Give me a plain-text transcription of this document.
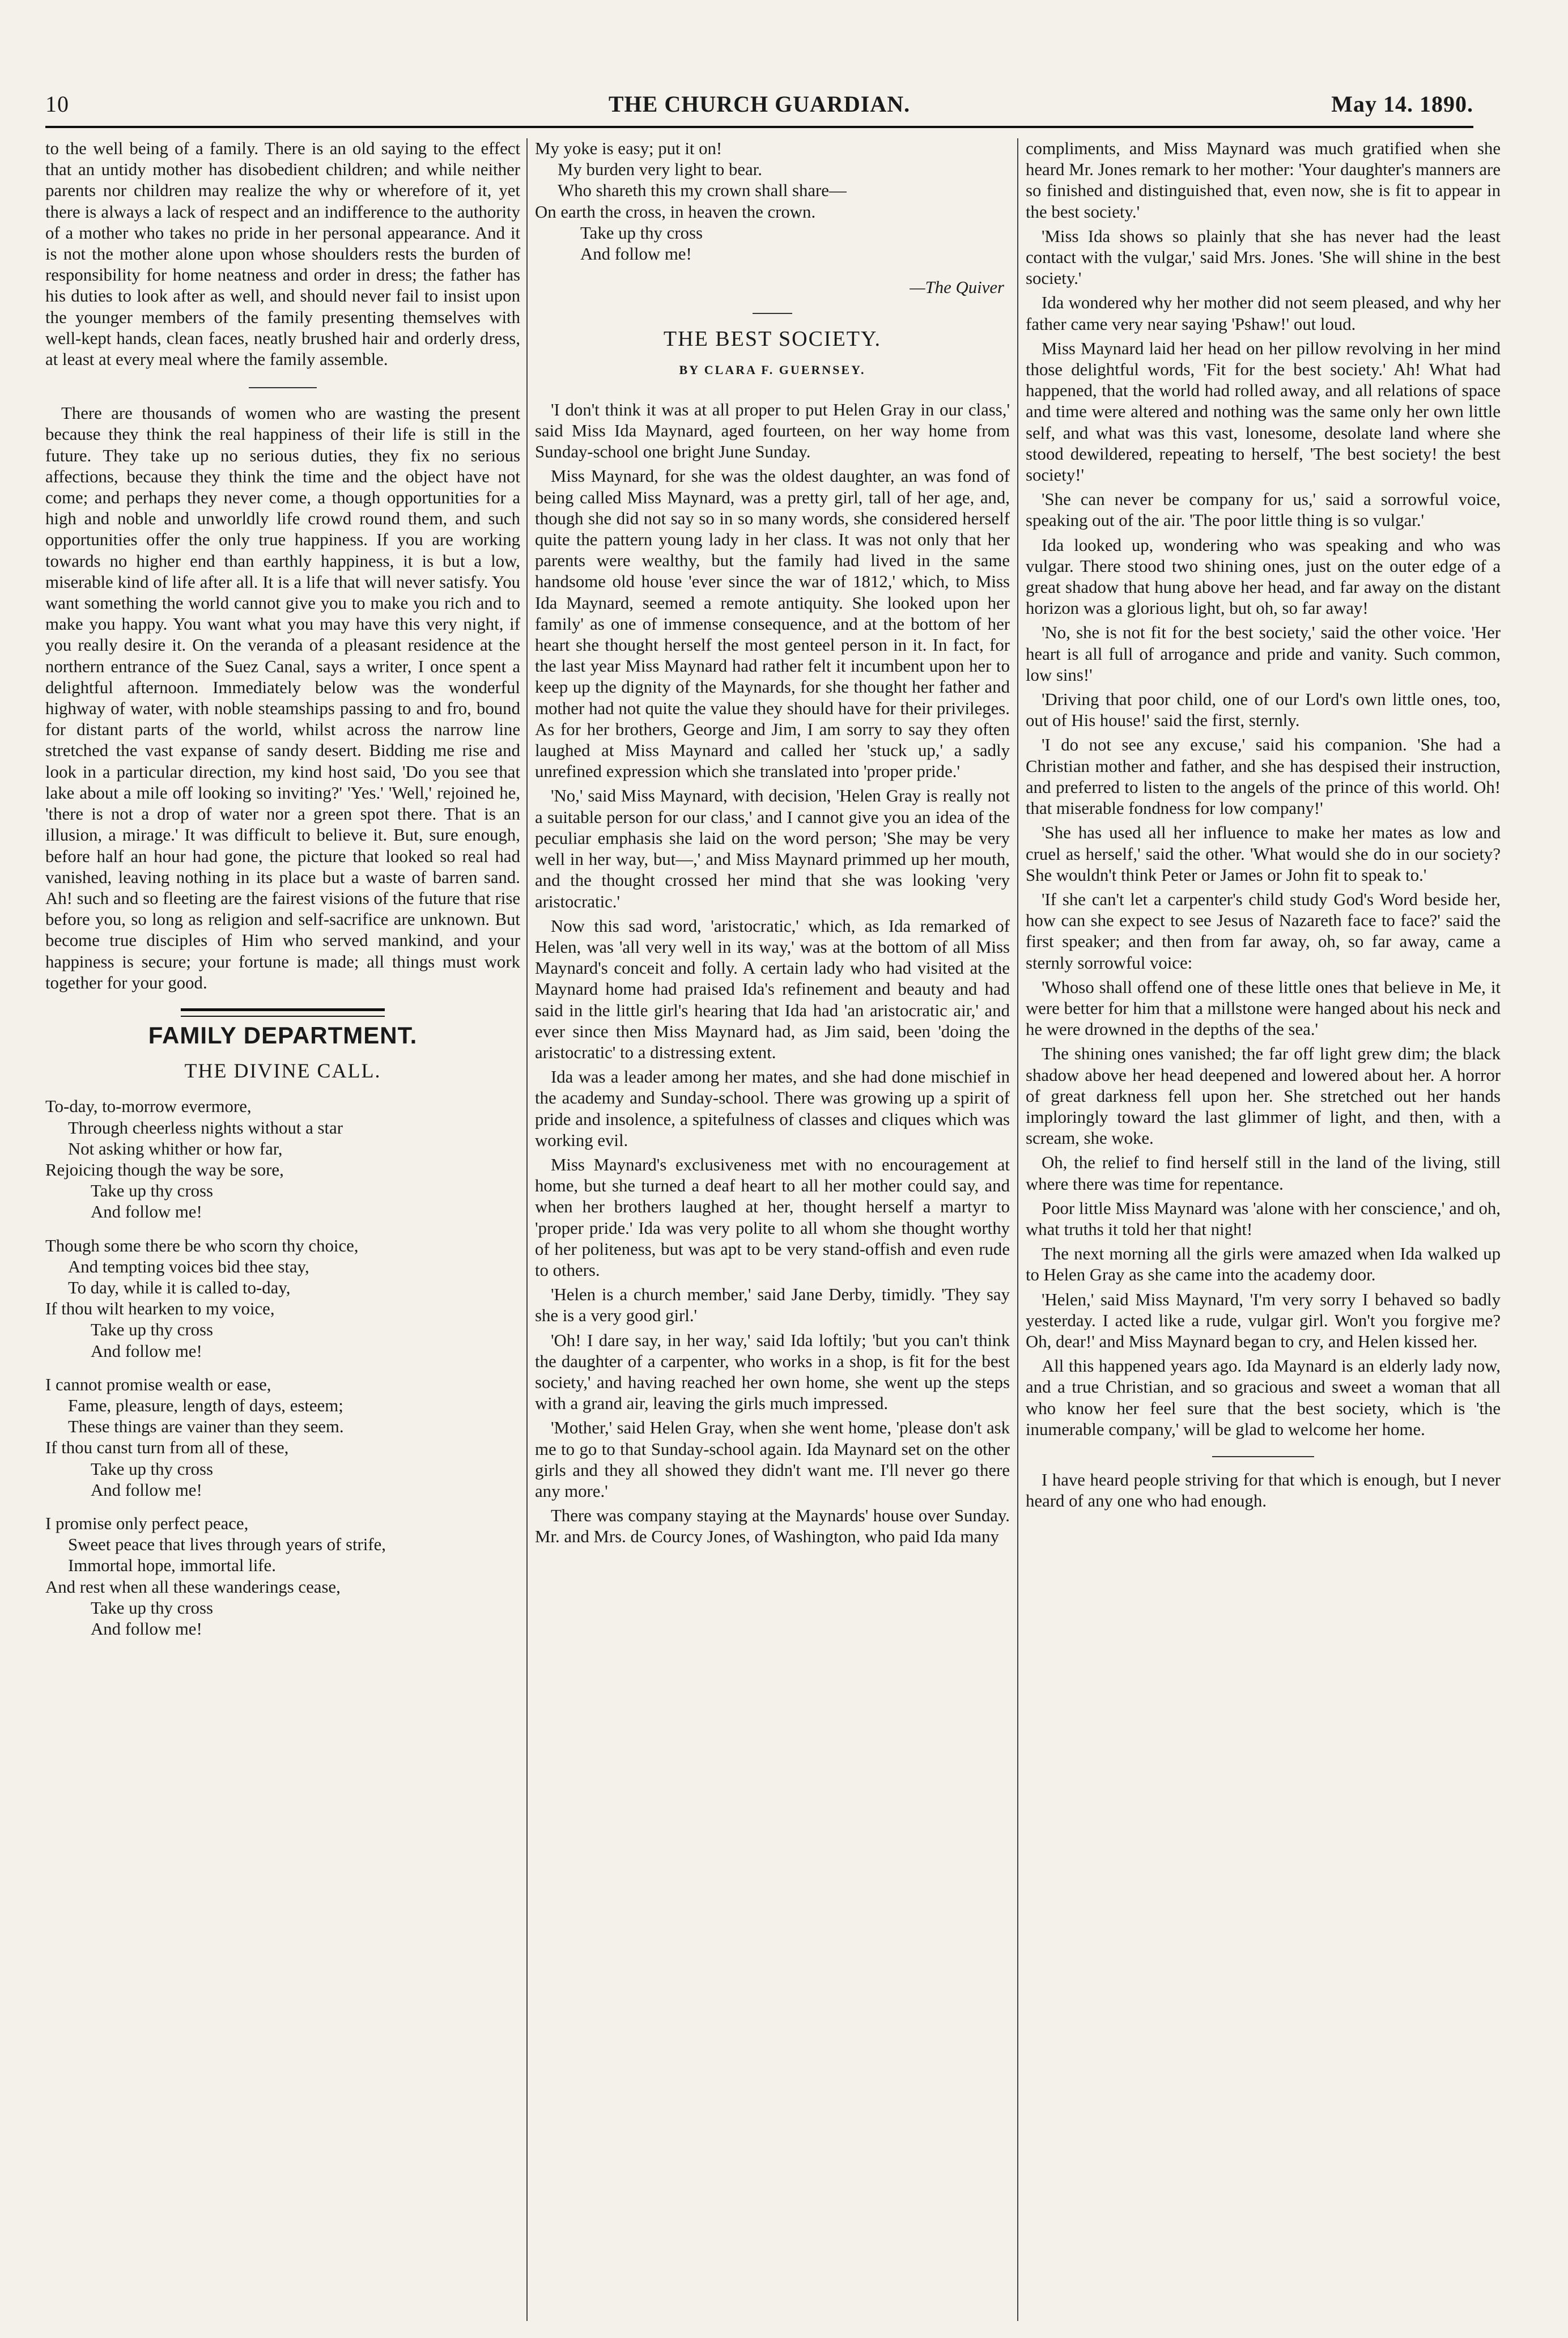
10	THE CHURCH GUARDIAN.	May 14. 1890.

to the well being of a family. There is an old saying to the effect that an untidy mother has disobedient children; and while neither parents nor children may realize the why or wherefore of it, yet there is always a lack of respect and an indifference to the authority of a mother who takes no pride in her personal appearance. And it is not the mother alone upon whose shoulders rests the burden of responsibility for home neatness and order in dress; the father has his duties to look after as well, and should never fail to insist upon the younger members of the family presenting themselves with well-kept hands, clean faces, neatly brushed hair and orderly dress, at least at every meal where the family assemble.

There are thousands of women who are wasting the present because they think the real happiness of their life is still in the future. They take up no serious duties, they fix no serious affections, because they think the time and the object have not come; and perhaps they never come, a though opportunities for a high and noble and unworldly life crowd round them, and such opportunities offer the only true happiness. If you are working towards no higher end than earthly happiness, it is but a low, miserable kind of life after all. It is a life that will never satisfy. You want something the world cannot give you to make you rich and to make you happy. You want what you may have this very night, if you really desire it. On the veranda of a pleasant residence at the northern entrance of the Suez Canal, says a writer, I once spent a delightful afternoon. Immediately below was the wonderful highway of water, with noble steamships passing to and fro, bound for distant parts of the world, whilst across the narrow line stretched the vast expanse of sandy desert. Bidding me rise and look in a particular direction, my kind host said, 'Do you see that lake about a mile off looking so inviting?' 'Yes.' 'Well,' rejoined he, 'there is not a drop of water nor a green spot there. That is an illusion, a mirage.' It was difficult to believe it. But, sure enough, before half an hour had gone, the picture that looked so real had vanished, leaving nothing in its place but a waste of barren sand. Ah! such and so fleeting are the fairest visions of the future that rise before you, so long as religion and self-sacrifice are unknown. But become true disciples of Him who served mankind, and your happiness is secure; your fortune is made; all things must work together for your good.

FAMILY DEPARTMENT.
THE DIVINE CALL.
To-day, to-morrow evermore,
Through cheerless nights without a star
Not asking whither or how far,
Rejoicing though the way be sore,
Take up thy cross
And follow me!
Though some there be who scorn thy choice,
And tempting voices bid thee stay,
To day, while it is called to-day,
If thou wilt hearken to my voice,
Take up thy cross
And follow me!
I cannot promise wealth or ease,
Fame, pleasure, length of days, esteem;
These things are vainer than they seem.
If thou canst turn from all of these,
Take up thy cross
And follow me!
I promise only perfect peace,
Sweet peace that lives through years of strife,
Immortal hope, immortal life.
And rest when all these wanderings cease,
Take up thy cross
And follow me!
My yoke is easy; put it on!
My burden very light to bear.
Who shareth this my crown shall share—
On earth the cross, in heaven the crown.
Take up thy cross
And follow me!
—The Quiver
THE BEST SOCIETY.
BY CLARA F. GUERNSEY.

'I don't think it was at all proper to put Helen Gray in our class,' said Miss Ida Maynard, aged fourteen, on her way home from Sunday-school one bright June Sunday.

Miss Maynard, for she was the oldest daughter, an was fond of being called Miss Maynard, was a pretty girl, tall of her age, and, though she did not say so in so many words, she considered herself quite the pattern young lady in her class. It was not only that her parents were wealthy, but the family had lived in the same handsome old house 'ever since the war of 1812,' which, to Miss Ida Maynard, seemed a remote antiquity. She looked upon her family' as one of immense consequence, and at the bottom of her heart she thought herself the most genteel person in it. In fact, for the last year Miss Maynard had rather felt it incumbent upon her to keep up the dignity of the Maynards, for she thought her father and mother had not quite the value they should have for their privileges. As for her brothers, George and Jim, I am sorry to say they often laughed at Miss Maynard and called her 'stuck up,' a sadly unrefined expression which she translated into 'proper pride.'

'No,' said Miss Maynard, with decision, 'Helen Gray is really not a suitable person for our class,' and I cannot give you an idea of the peculiar emphasis she laid on the word person; 'She may be very well in her way, but—,' and Miss Maynard primmed up her mouth, and the thought crossed her mind that she was looking 'very aristocratic.'

Now this sad word, 'aristocratic,' which, as Ida remarked of Helen, was 'all very well in its way,' was at the bottom of all Miss Maynard's conceit and folly. A certain lady who had visited at the Maynard home had praised Ida's refinement and beauty and had said in the little girl's hearing that Ida had 'an aristocratic air,' and ever since then Miss Maynard had, as Jim said, been 'doing the aristocratic' to a distressing extent.

Ida was a leader among her mates, and she had done mischief in the academy and Sunday-school. There was growing up a spirit of pride and insolence, a spitefulness of classes and cliques which was working evil.

Miss Maynard's exclusiveness met with no encouragement at home, but she turned a deaf heart to all her mother could say, and when her brothers laughed at her, thought herself a martyr to 'proper pride.' Ida was very polite to all whom she thought worthy of her politeness, but was apt to be very stand-offish and even rude to others.

'Helen is a church member,' said Jane Derby, timidly. 'They say she is a very good girl.'

'Oh! I dare say, in her way,' said Ida loftily; 'but you can't think the daughter of a carpenter, who works in a shop, is fit for the best society,' and having reached her own home, she went up the steps with a grand air, leaving the girls much impressed.

'Mother,' said Helen Gray, when she went home, 'please don't ask me to go to that Sunday-school again. Ida Maynard set on the other girls and they all showed they didn't want me. I'll never go there any more.'

There was company staying at the Maynards' house over Sunday. Mr. and Mrs. de Courcy Jones, of Washington, who paid Ida many

compliments, and Miss Maynard was much gratified when she heard Mr. Jones remark to her mother: 'Your daughter's manners are so finished and distinguished that, even now, she is fit to appear in the best society.'

'Miss Ida shows so plainly that she has never had the least contact with the vulgar,' said Mrs. Jones. 'She will shine in the best society.'

Ida wondered why her mother did not seem pleased, and why her father came very near saying 'Pshaw!' out loud.

Miss Maynard laid her head on her pillow revolving in her mind those delightful words, 'Fit for the best society.' Ah! What had happened, that the world had rolled away, and all relations of space and time were altered and nothing was the same only her own little self, and what was this vast, lonesome, desolate land where she stood dewildered, repeating to herself, 'The best society! the best society!'

'She can never be company for us,' said a sorrowful voice, speaking out of the air. 'The poor little thing is so vulgar.'

Ida looked up, wondering who was speaking and who was vulgar. There stood two shining ones, just on the outer edge of a great shadow that hung above her head, and far away on the distant horizon was a glorious light, but oh, so far away!

'No, she is not fit for the best society,' said the other voice. 'Her heart is all full of arrogance and pride and vanity. Such common, low sins!'

'Driving that poor child, one of our Lord's own little ones, too, out of His house!' said the first, sternly.

'I do not see any excuse,' said his companion. 'She had a Christian mother and father, and she has despised their instruction, and preferred to listen to the angels of the prince of this world. Oh! that miserable fondness for low company!'

'She has used all her influence to make her mates as low and cruel as herself,' said the other. 'What would she do in our society? She wouldn't think Peter or James or John fit to speak to.'

'If she can't let a carpenter's child study God's Word beside her, how can she expect to see Jesus of Nazareth face to face?' said the first speaker; and then from far away, oh, so far away, came a sternly sorrowful voice:

'Whoso shall offend one of these little ones that believe in Me, it were better for him that a millstone were hanged about his neck and he were drowned in the depths of the sea.'

The shining ones vanished; the far off light grew dim; the black shadow above her head deepened and lowered about her. A horror of great darkness fell upon her. She stretched out her hands imploringly toward the last glimmer of light, and then, with a scream, she woke.

Oh, the relief to find herself still in the land of the living, still where there was time for repentance.

Poor little Miss Maynard was 'alone with her conscience,' and oh, what truths it told her that night!

The next morning all the girls were amazed when Ida walked up to Helen Gray as she came into the academy door.

'Helen,' said Miss Maynard, 'I'm very sorry I behaved so badly yesterday. I acted like a rude, vulgar girl. Won't you forgive me? Oh, dear!' and Miss Maynard began to cry, and Helen kissed her.

All this happened years ago. Ida Maynard is an elderly lady now, and a true Christian, and so gracious and sweet a woman that all who know her feel sure that the best society, which is 'the inumerable company,' will be glad to welcome her home.

I have heard people striving for that which is enough, but I never heard of any one who had enough.
